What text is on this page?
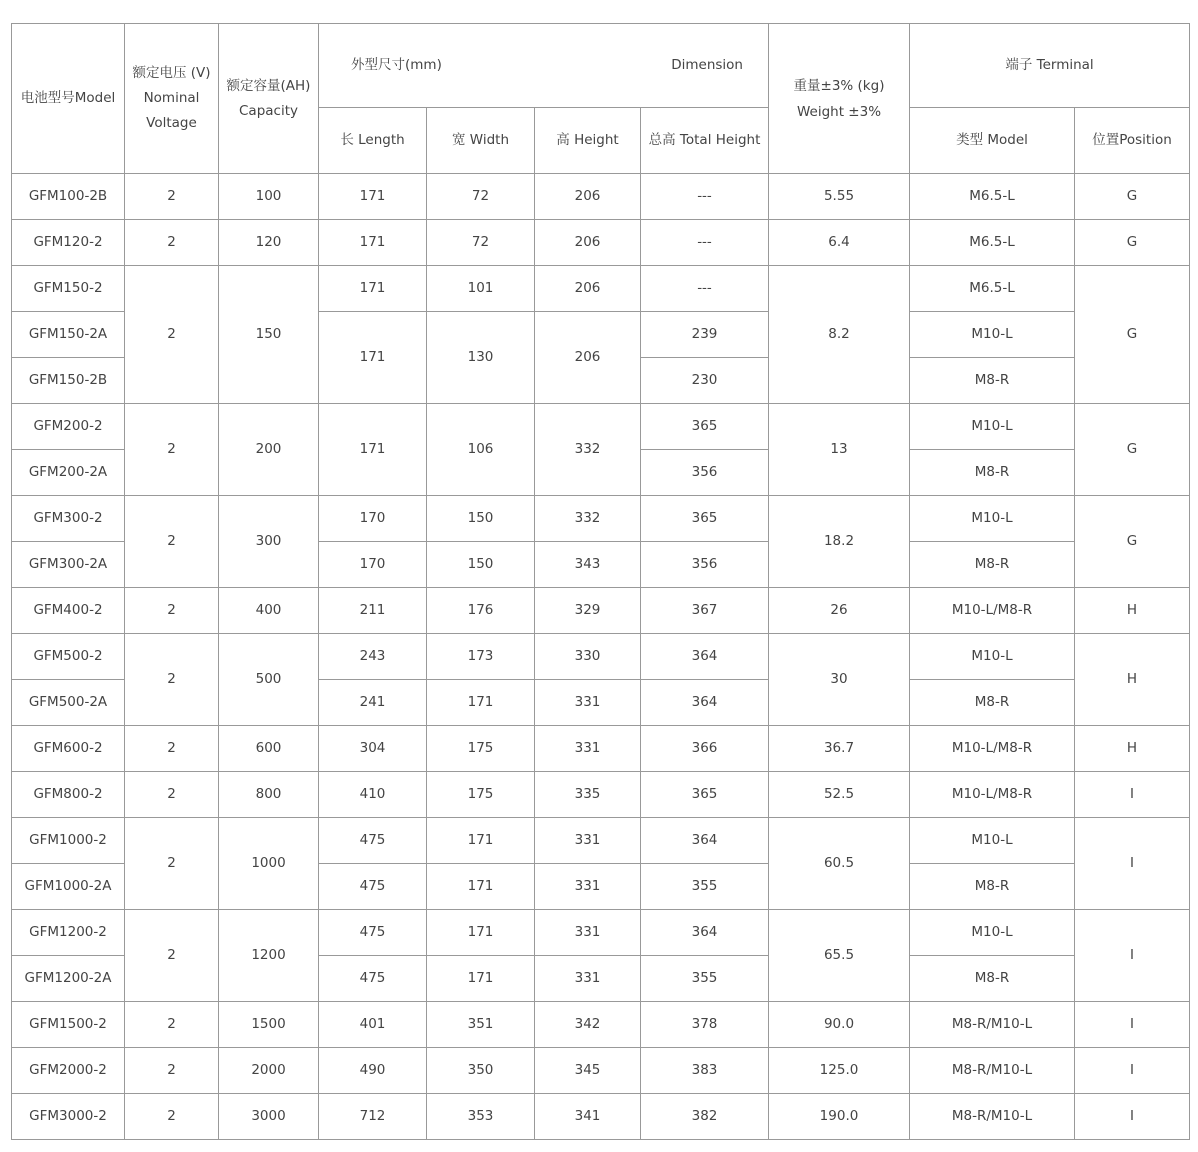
电池型号Model	额定电压 (V) Nominal Voltage	额定容量(AH) Capacity	外型尺寸(mm) Dimension				重量±3% (kg) Weight ±3%	端子 Terminal	
			长 Length	宽 Width	高 Height	总高 Total Height		类型 Model	位置Position
GFM100-2B	2	100	171	72	206	---	5.55	M6.5-L	G
GFM120-2	2	120	171	72	206	---	6.4	M6.5-L	G
GFM150-2	2	150	171	101	206	---	8.2	M6.5-L	G
GFM150-2A			171	130	206	239		M10-L	
GFM150-2B						230		M8-R	
GFM200-2	2	200	171	106	332	365	13	M10-L	G
GFM200-2A						356		M8-R	
GFM300-2	2	300	170	150	332	365	18.2	M10-L	G
GFM300-2A			170	150	343	356		M8-R	
GFM400-2	2	400	211	176	329	367	26	M10-L/M8-R	H
GFM500-2	2	500	243	173	330	364	30	M10-L	H
GFM500-2A			241	171	331	364		M8-R	
GFM600-2	2	600	304	175	331	366	36.7	M10-L/M8-R	H
GFM800-2	2	800	410	175	335	365	52.5	M10-L/M8-R	I
GFM1000-2	2	1000	475	171	331	364	60.5	M10-L	I
GFM1000-2A			475	171	331	355		M8-R	
GFM1200-2	2	1200	475	171	331	364	65.5	M10-L	I
GFM1200-2A			475	171	331	355		M8-R	
GFM1500-2	2	1500	401	351	342	378	90.0	M8-R/M10-L	I
GFM2000-2	2	2000	490	350	345	383	125.0	M8-R/M10-L	I
GFM3000-2	2	3000	712	353	341	382	190.0	M8-R/M10-L	I
